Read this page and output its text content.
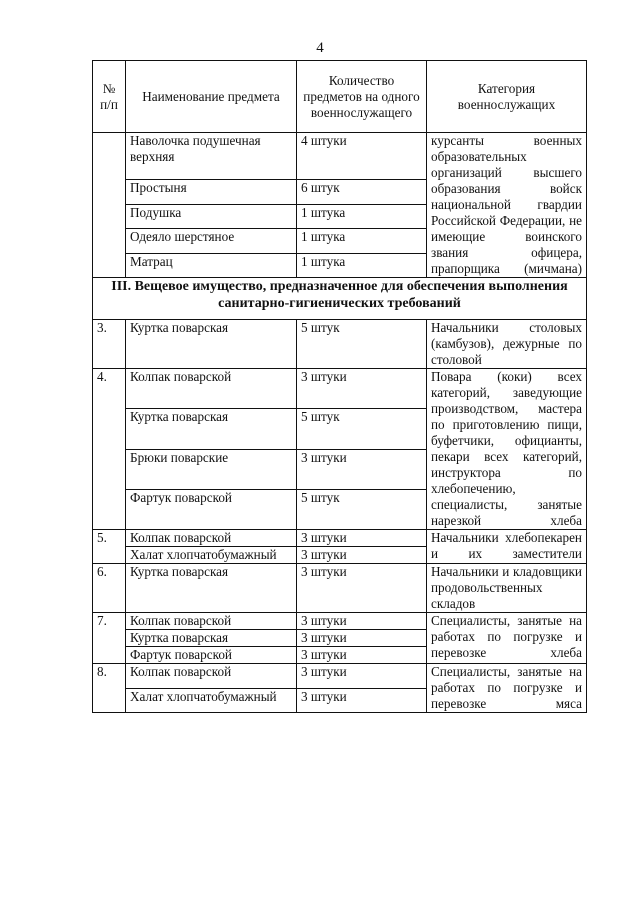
4
№ п/п	Наименование предмета	Количество предметов на одного военнослужащего	Категория военнослужащих
	Наволочка подушечная верхняя	4 штуки	курсанты военных образовательных организаций высшего образования войск национальной гвардии Российской Федерации, не имеющие воинского звания офицера, прапорщика (мичмана)
	Простыня	6 штук	
	Подушка	1 штука	
	Одеяло шерстяное	1 штука	
	Матрац	1 штука	
III. Вещевое имущество, предназначенное для обеспечения выполнения санитарно-гигиенических требований			
3.	Куртка поварская	5 штук	Начальники столовых (камбузов), дежурные по столовой
4.	Колпак поварской	3 штуки	Повара (коки) всех категорий, заведующие производством, мастера по приготовлению пищи, буфетчики, официанты, пекари всех категорий, инструктора по хлебопечению, специалисты, занятые нарезкой хлеба
	Куртка поварская	5 штук	
	Брюки поварские	3 штуки	
	Фартук поварской	5 штук	
5.	Колпак поварской	3 штуки	Начальники хлебопекарен и их заместители
	Халат хлопчатобумажный	3 штуки	
6.	Куртка поварская	3 штуки	Начальники и кладовщики продовольственных складов
7.	Колпак поварской	3 штуки	Специалисты, занятые на работах по погрузке и перевозке хлеба
	Куртка поварская	3 штуки	
	Фартук поварской	3 штуки	
8.	Колпак поварской	3 штуки	Специалисты, занятые на работах по погрузке и перевозке мяса
	Халат хлопчатобумажный	3 штуки	
